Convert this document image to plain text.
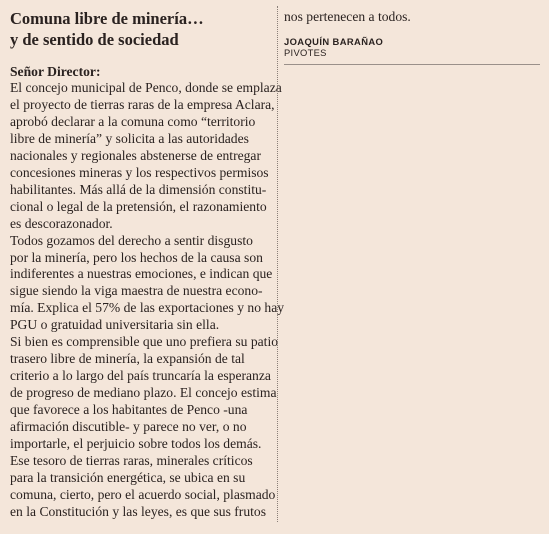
Comuna libre de minería…
y de sentido de sociedad

Señor Director:

El concejo municipal de Penco, donde se emplaza
el proyecto de tierras raras de la empresa Aclara,
aprobó declarar a la comuna como “territorio
libre de minería” y solicita a las autoridades
nacionales y regionales abstenerse de entregar
concesiones mineras y los respectivos permisos
habilitantes. Más allá de la dimensión constitu-
cional o legal de la pretensión, el razonamiento
es descorazonador.
Todos gozamos del derecho a sentir disgusto
por la minería, pero los hechos de la causa son
indiferentes a nuestras emociones, e indican que
sigue siendo la viga maestra de nuestra econo-
mía. Explica el 57% de las exportaciones y no hay
PGU o gratuidad universitaria sin ella.
Si bien es comprensible que uno prefiera su patio
trasero libre de minería, la expansión de tal
criterio a lo largo del país truncaría la esperanza
de progreso de mediano plazo. El concejo estima
que favorece a los habitantes de Penco -una
afirmación discutible- y parece no ver, o no
importarle, el perjuicio sobre todos los demás.
Ese tesoro de tierras raras, minerales críticos
para la transición energética, se ubica en su
comuna, cierto, pero el acuerdo social, plasmado
en la Constitución y las leyes, es que sus frutos

nos pertenecen a todos.

JOAQUÍN BARAÑAO

PIVOTES
